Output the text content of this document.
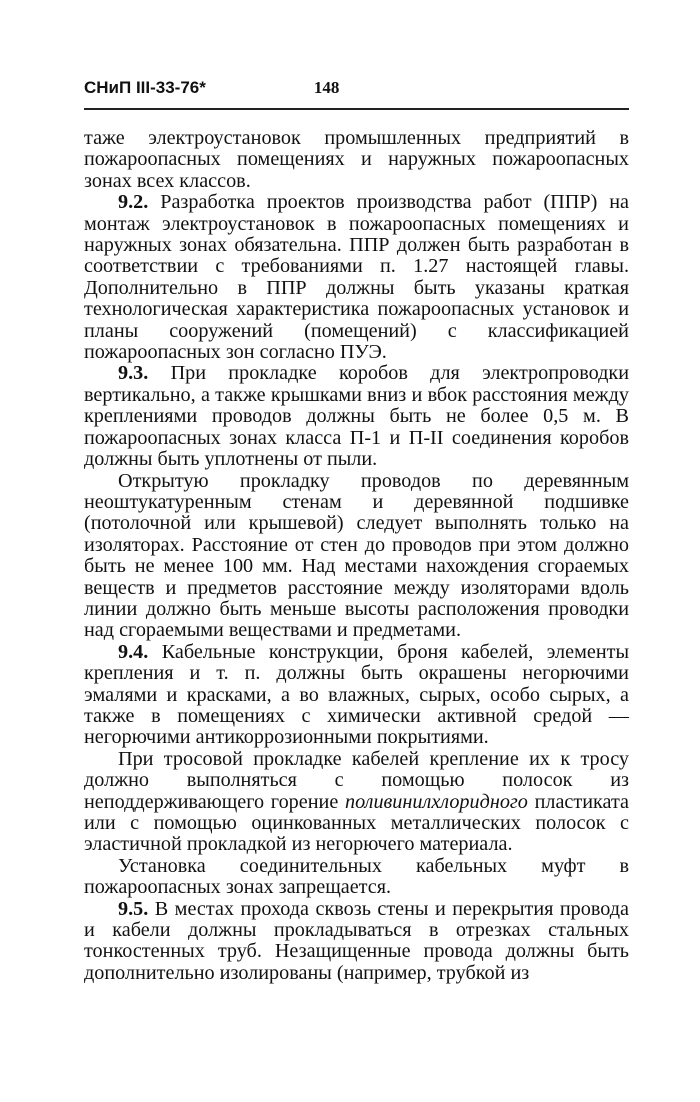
СНиП III-33-76*	148

таже электроустановок промышленных предприятий в пожароопасных помещениях и наружных пожароопасных зонах всех классов.

9.2. Разработка проектов производства работ (ППР) на монтаж электроустановок в пожароопасных помещениях и наружных зонах обязательна. ППР должен быть разработан в соответствии с требованиями п. 1.27 настоящей главы. Дополнительно в ППР должны быть указаны краткая технологическая характеристика пожароопасных установок и планы сооружений (помещений) с классификацией пожароопасных зон согласно ПУЭ.

9.3. При прокладке коробов для электропроводки вертикально, а также крышками вниз и вбок расстояния между креплениями проводов должны быть не более 0,5 м. В пожароопасных зонах класса П-1 и П-II соединения коробов должны быть уплотнены от пыли.

Открытую прокладку проводов по деревянным неоштукатуренным стенам и деревянной подшивке (потолочной или крышевой) следует выполнять только на изоляторах. Расстояние от стен до проводов при этом должно быть не менее 100 мм. Над местами нахождения сгораемых веществ и предметов расстояние между изоляторами вдоль линии должно быть меньше высоты расположения проводки над сгораемыми веществами и предметами.

9.4. Кабельные конструкции, броня кабелей, элементы крепления и т. п. должны быть окрашены негорючими эмалями и красками, а во влажных, сырых, особо сырых, а также в помещениях с химически активной средой — негорючими антикоррозионными покрытиями.

При тросовой прокладке кабелей крепление их к тросу должно выполняться с помощью полосок из неподдерживающего горение поливинилхлоридного пластиката или с помощью оцинкованных металлических полосок с эластичной прокладкой из негорючего материала.

Установка соединительных кабельных муфт в пожароопасных зонах запрещается.

9.5. В местах прохода сквозь стены и перекрытия провода и кабели должны прокладываться в отрезках стальных тонкостенных труб. Незащищенные провода должны быть дополнительно изолированы (например, трубкой из
